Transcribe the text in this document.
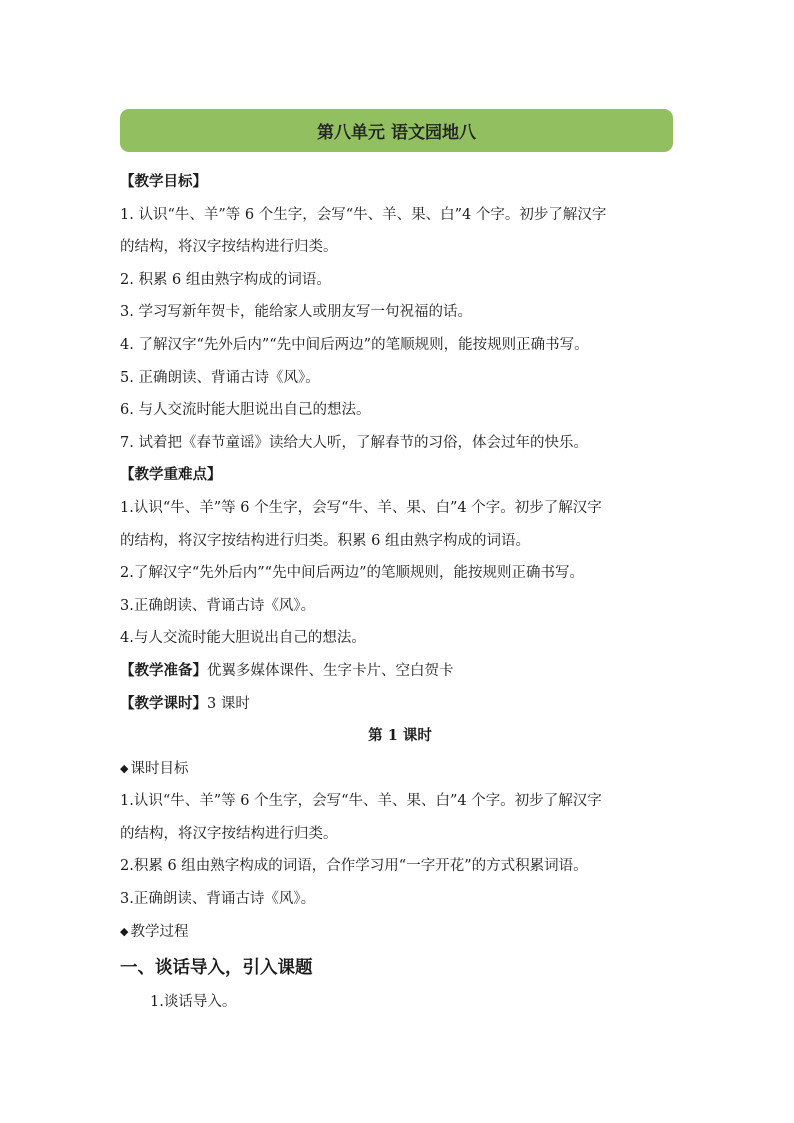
第八单元 语文园地八
【教学目标】
1. 认识“牛、羊”等 6 个生字，会写“牛、羊、果、白”4 个字。初步了解汉字
的结构，将汉字按结构进行归类。
2. 积累 6 组由熟字构成的词语。
3. 学习写新年贺卡，能给家人或朋友写一句祝福的话。
4. 了解汉字“先外后内”“先中间后两边”的笔顺规则，能按规则正确书写。
5. 正确朗读、背诵古诗《风》。
6. 与人交流时能大胆说出自己的想法。
7. 试着把《春节童谣》读给大人听，了解春节的习俗，体会过年的快乐。
【教学重难点】
1.认识“牛、羊”等 6 个生字，会写“牛、羊、果、白”4 个字。初步了解汉字
的结构，将汉字按结构进行归类。积累 6 组由熟字构成的词语。
2.了解汉字“先外后内”“先中间后两边”的笔顺规则，能按规则正确书写。
3.正确朗读、背诵古诗《风》。
4.与人交流时能大胆说出自己的想法。
【教学准备】优翼多媒体课件、生字卡片、空白贺卡
【教学课时】3 课时
第 1 课时
◆ 课时目标
1.认识“牛、羊”等 6 个生字，会写“牛、羊、果、白”4 个字。初步了解汉字
的结构，将汉字按结构进行归类。
2.积累 6 组由熟字构成的词语，合作学习用“一字开花”的方式积累词语。
3.正确朗读、背诵古诗《风》。
◆ 教学过程
一、谈话导入，引入课题
1.谈话导入。
